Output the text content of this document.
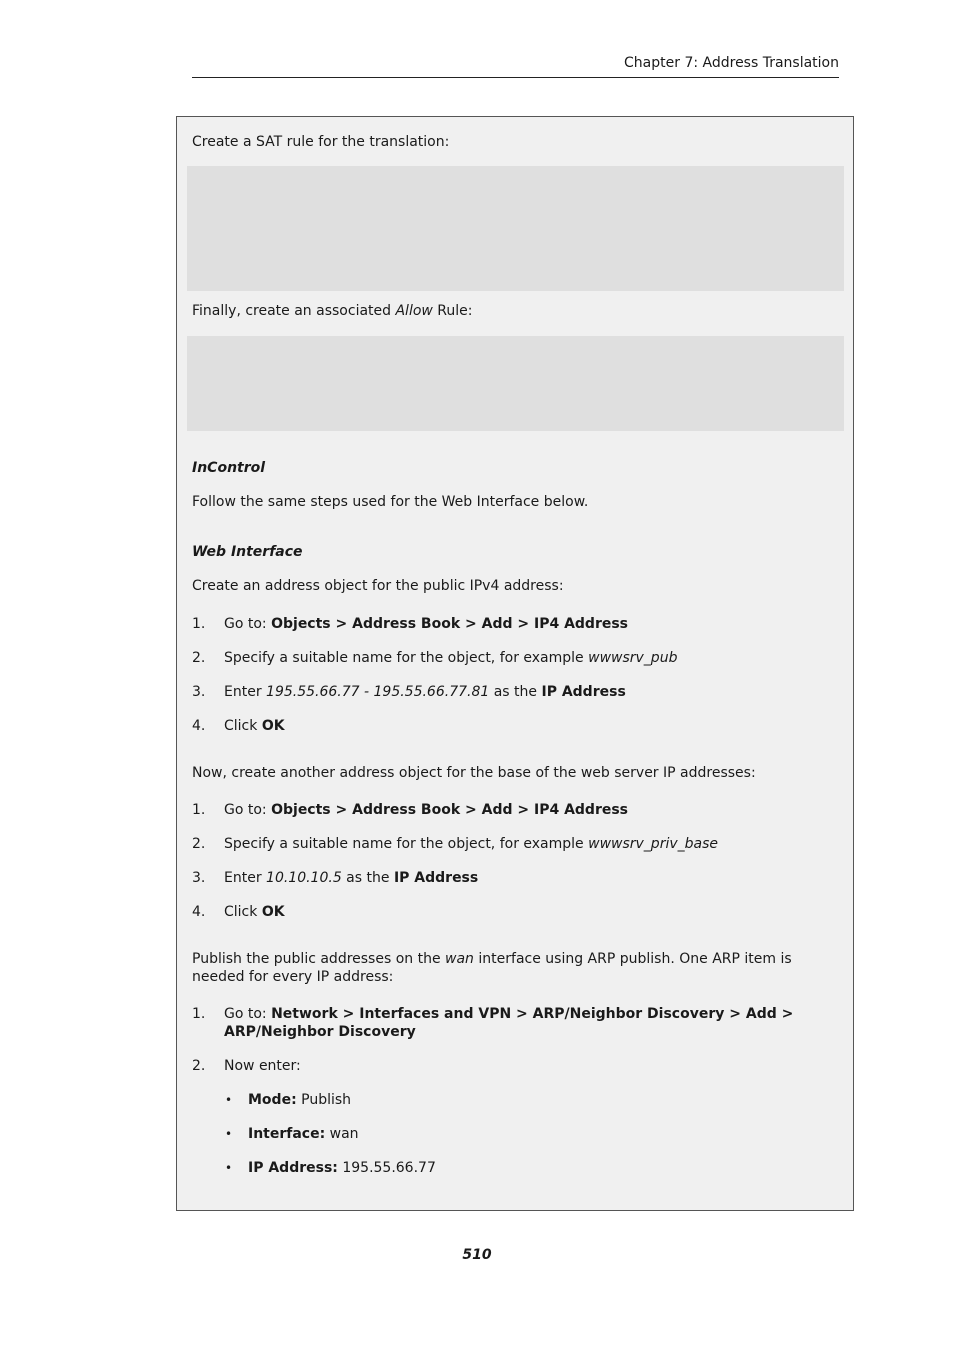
Chapter 7: Address Translation
Create a SAT rule for the translation:
Finally, create an associated Allow Rule:
InControl
Follow the same steps used for the Web Interface below.
Web Interface
Create an address object for the public IPv4 address:
1. Go to: Objects > Address Book > Add > IP4 Address
2. Specify a suitable name for the object, for example wwwsrv_pub
3. Enter 195.55.66.77 - 195.55.66.77.81 as the IP Address
4. Click OK
Now, create another address object for the base of the web server IP addresses:
1. Go to: Objects > Address Book > Add > IP4 Address
2. Specify a suitable name for the object, for example wwwsrv_priv_base
3. Enter 10.10.10.5 as the IP Address
4. Click OK
Publish the public addresses on the wan interface using ARP publish. One ARP item is needed for every IP address:
1. Go to: Network > Interfaces and VPN > ARP/Neighbor Discovery > Add > ARP/Neighbor Discovery
2. Now enter:
• Mode: Publish
• Interface: wan
• IP Address: 195.55.66.77
510
